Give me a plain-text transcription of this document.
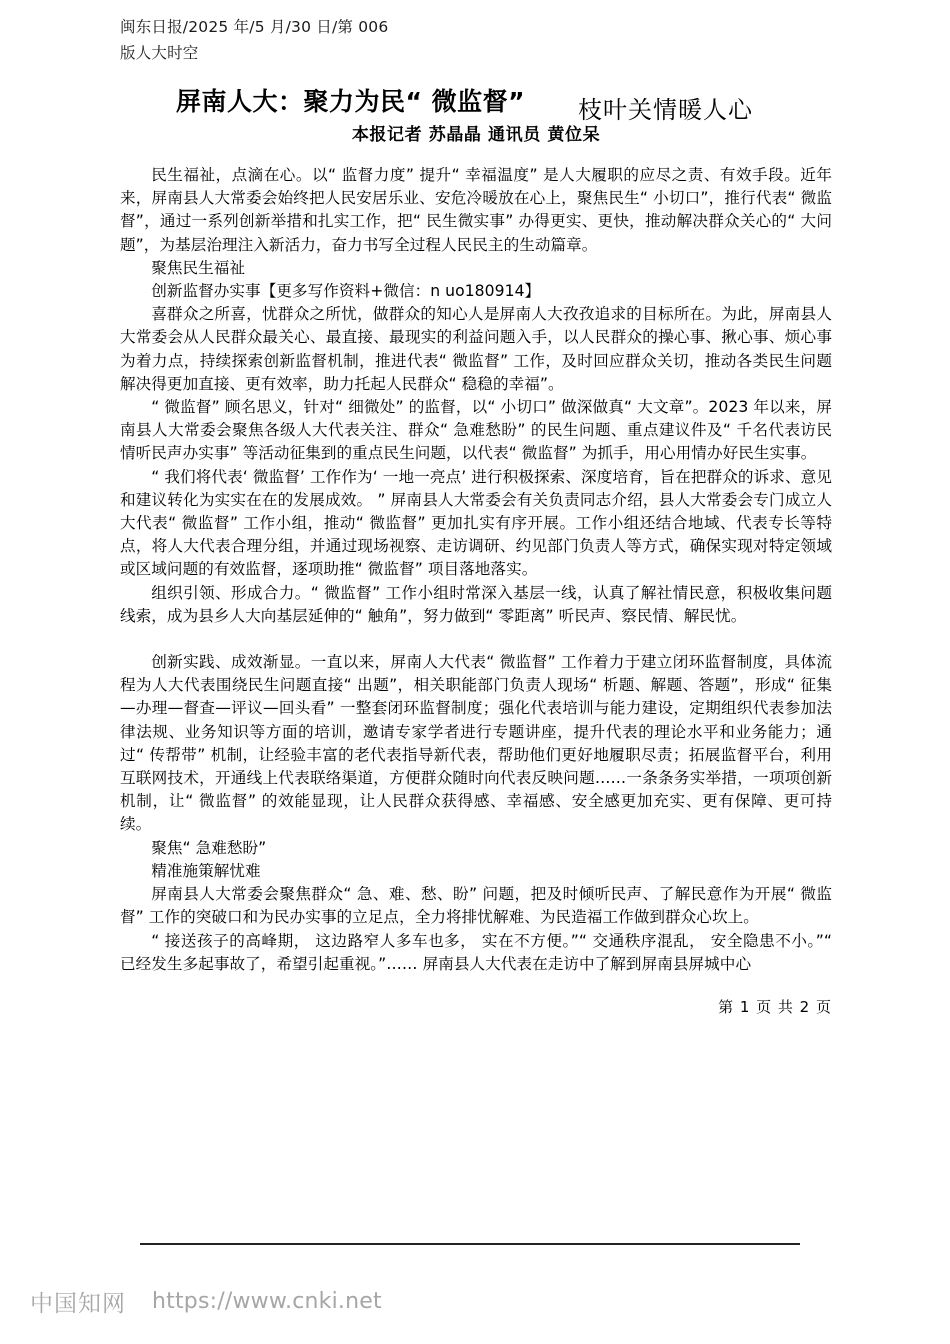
闽东日报/2025 年/5 月/30 日/第 006
版人大时空
屏南人大：聚力为民“ 微监督” 枝叶关情暖人心
本报记者 苏晶晶 通讯员 黄位呆

民生福祉，点滴在心。以“ 监督力度” 提升“ 幸福温度” 是人大履职的应尽之责、有效手段。近年来，屏南县人大常委会始终把人民安居乐业、安危冷暖放在心上，聚焦民生“ 小切口”，推行代表“ 微监督”，通过一系列创新举措和扎实工作，把“ 民生微实事” 办得更实、更快，推动解决群众关心的“ 大问题”，为基层治理注入新活力，奋力书写全过程人民民主的生动篇章。

聚焦民生福祉

创新监督办实事【更多写作资料+微信：n uo180914】

喜群众之所喜，忧群众之所忧，做群众的知心人是屏南人大孜孜追求的目标所在。为此，屏南县人大常委会从人民群众最关心、最直接、最现实的利益问题入手，以人民群众的操心事、揪心事、烦心事为着力点，持续探索创新监督机制，推进代表“ 微监督” 工作，及时回应群众关切，推动各类民生问题解决得更加直接、更有效率，助力托起人民群众“ 稳稳的幸福”。

“ 微监督” 顾名思义，针对“ 细微处” 的监督，以“ 小切口” 做深做真“ 大文章”。2023 年以来，屏南县人大常委会聚焦各级人大代表关注、群众“ 急难愁盼” 的民生问题、重点建议件及“ 千名代表访民情听民声办实事” 等活动征集到的重点民生问题，以代表“ 微监督” 为抓手，用心用情办好民生实事。

“ 我们将代表‘ 微监督’ 工作作为‘ 一地一亮点’ 进行积极探索、深度培育，旨在把群众的诉求、意见和建议转化为实实在在的发展成效。 ” 屏南县人大常委会有关负责同志介绍，县人大常委会专门成立人大代表“ 微监督” 工作小组，推动“ 微监督” 更加扎实有序开展。工作小组还结合地域、代表专长等特点，将人大代表合理分组，并通过现场视察、走访调研、约见部门负责人等方式，确保实现对特定领域或区域问题的有效监督，逐项助推“ 微监督” 项目落地落实。

组织引领、形成合力。“ 微监督” 工作小组时常深入基层一线，认真了解社情民意，积极收集问题线索，成为县乡人大向基层延伸的“ 触角”，努力做到“ 零距离” 听民声、察民情、解民忧。

创新实践、成效渐显。一直以来，屏南人大代表“ 微监督” 工作着力于建立闭环监督制度，具体流程为人大代表围绕民生问题直接“ 出题”，相关职能部门负责人现场“ 析题、解题、答题”，形成“ 征集—办理—督查—评议—回头看” 一整套闭环监督制度；强化代表培训与能力建设，定期组织代表参加法律法规、业务知识等方面的培训，邀请专家学者进行专题讲座，提升代表的理论水平和业务能力；通过“ 传帮带” 机制，让经验丰富的老代表指导新代表，帮助他们更好地履职尽责；拓展监督平台，利用互联网技术，开通线上代表联络渠道，方便群众随时向代表反映问题……一条条务实举措，一项项创新机制，让“ 微监督” 的效能显现，让人民群众获得感、幸福感、安全感更加充实、更有保障、更可持续。

聚焦“ 急难愁盼”

精准施策解忧难

屏南县人大常委会聚焦群众“ 急、难、愁、盼” 问题，把及时倾听民声、了解民意作为开展“ 微监督” 工作的突破口和为民办实事的立足点，全力将排忧解难、为民造福工作做到群众心坎上。

“ 接送孩子的高峰期， 这边路窄人多车也多， 实在不方便。”“ 交通秩序混乱， 安全隐患不小。”“ 已经发生多起事故了，希望引起重视。”…… 屏南县人大代表在走访中了解到屏南县屏城中心

第 1 页 共 2 页
中国知网 https://www.cnki.net
